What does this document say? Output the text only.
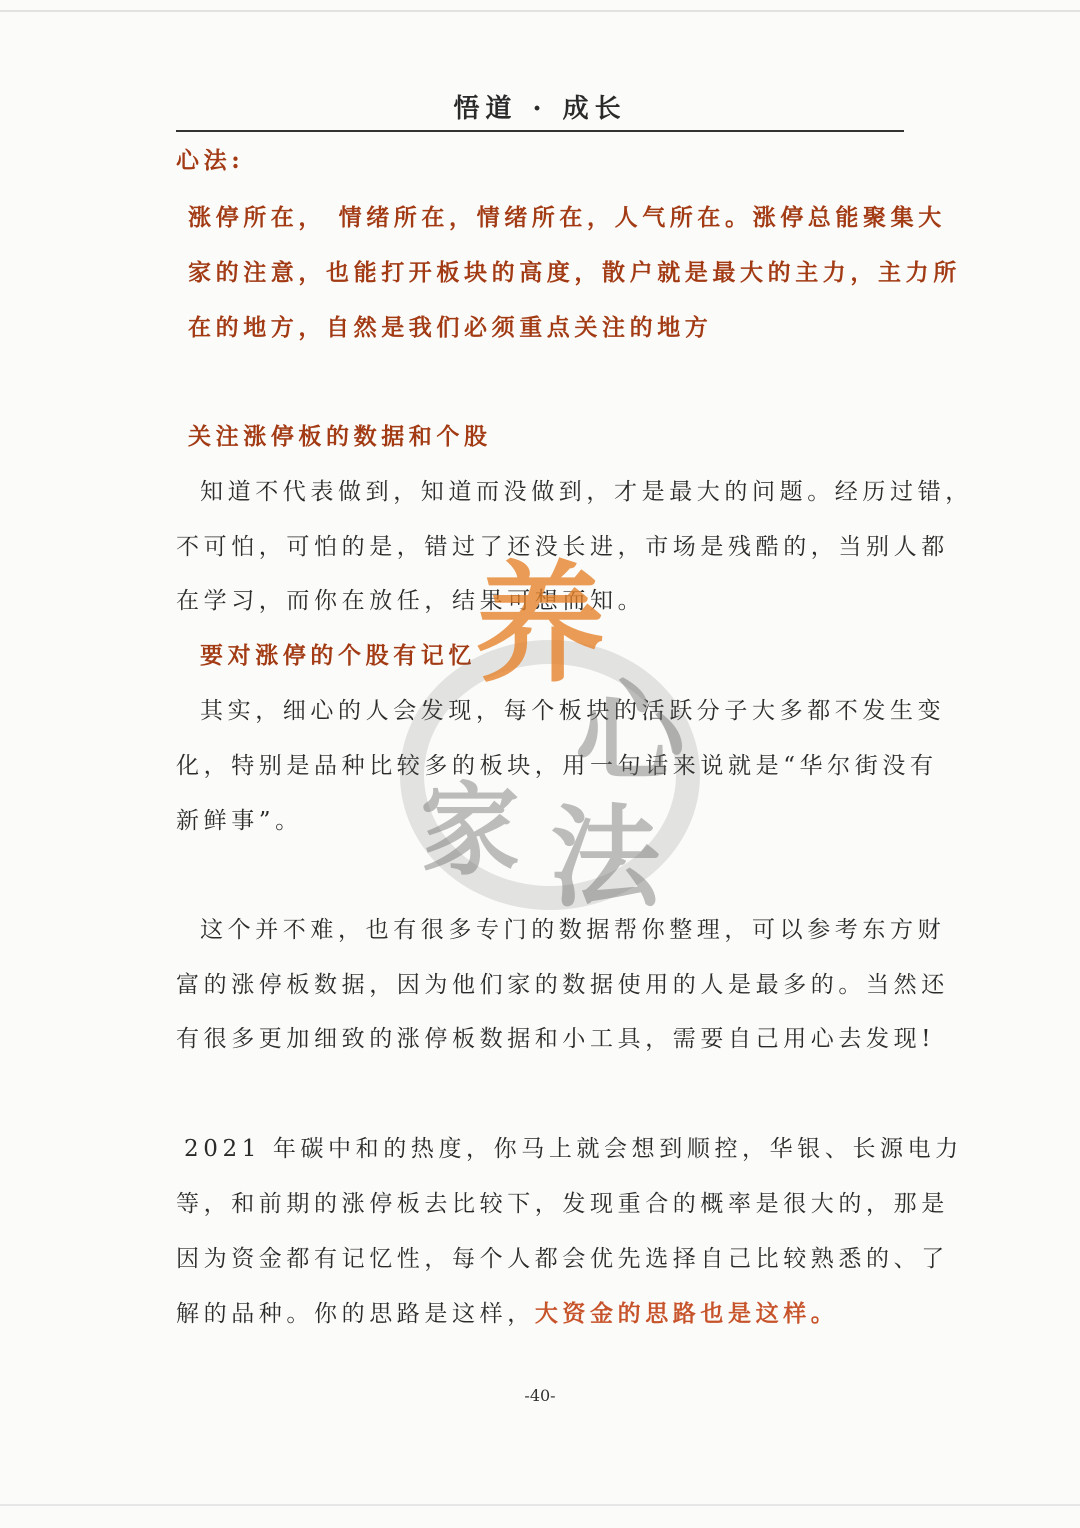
悟道 · 成长
心法:
涨停所在， 情绪所在，情绪所在，人气所在。涨停总能聚集大
家的注意，也能打开板块的高度，散户就是最大的主力，主力所
在的地方，自然是我们必须重点关注的地方
关注涨停板的数据和个股
知道不代表做到，知道而没做到，才是最大的问题。经历过错，
不可怕，可怕的是，错过了还没长进，市场是残酷的，当别人都
在学习，而你在放任，结果可想而知。
要对涨停的个股有记忆
其实，细心的人会发现，每个板块的活跃分子大多都不发生变
化，特别是品种比较多的板块，用一句话来说就是“华尔街没有
新鲜事”。
这个并不难，也有很多专门的数据帮你整理，可以参考东方财
富的涨停板数据，因为他们家的数据使用的人是最多的。当然还
有很多更加细致的涨停板数据和小工具，需要自己用心去发现!
2021 年碳中和的热度，你马上就会想到顺控，华银、长源电力
等，和前期的涨停板去比较下，发现重合的概率是很大的，那是
因为资金都有记忆性，每个人都会优先选择自己比较熟悉的、了
解的品种。你的思路是这样，大资金的思路也是这样。
养
心
家 法
-40-
